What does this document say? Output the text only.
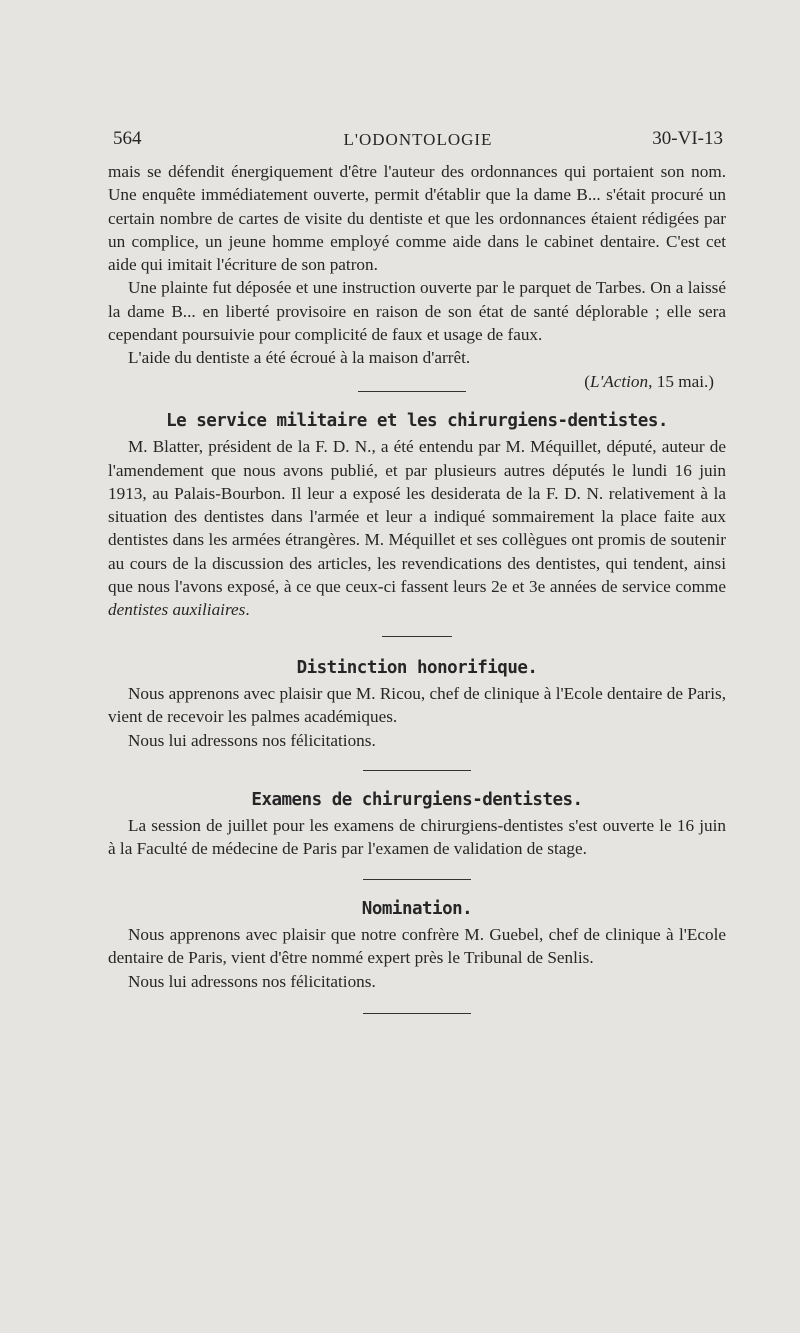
564	L'ODONTOLOGIE	30-VI-13

mais se défendit énergiquement d'être l'auteur des ordonnances qui portaient son nom. Une enquête immédiatement ouverte, permit d'établir que la dame B... s'était procuré un certain nombre de cartes de visite du dentiste et que les ordonnances étaient rédigées par un complice, un jeune homme employé comme aide dans le cabinet dentaire. C'est cet aide qui imitait l'écriture de son patron.

Une plainte fut déposée et une instruction ouverte par le parquet de Tarbes. On a laissé la dame B... en liberté provisoire en raison de son état de santé déplorable ; elle sera cependant poursuivie pour complicité de faux et usage de faux.

L'aide du dentiste a été écroué à la maison d'arrêt.

(L'Action, 15 mai.)

Le service militaire et les chirurgiens-dentistes.

M. Blatter, président de la F. D. N., a été entendu par M. Méquillet, député, auteur de l'amendement que nous avons publié, et par plusieurs autres députés le lundi 16 juin 1913, au Palais-Bourbon. Il leur a exposé les desiderata de la F. D. N. relativement à la situation des dentistes dans l'armée et leur a indiqué sommairement la place faite aux dentistes dans les armées étrangères. M. Méquillet et ses collègues ont promis de soutenir au cours de la discussion des articles, les revendications des dentistes, qui tendent, ainsi que nous l'avons exposé, à ce que ceux-ci fassent leurs 2e et 3e années de service comme dentistes auxiliaires.

Distinction honorifique.

Nous apprenons avec plaisir que M. Ricou, chef de clinique à l'Ecole dentaire de Paris, vient de recevoir les palmes académiques.

Nous lui adressons nos félicitations.

Examens de chirurgiens-dentistes.

La session de juillet pour les examens de chirurgiens-dentistes s'est ouverte le 16 juin à la Faculté de médecine de Paris par l'examen de validation de stage.

Nomination.

Nous apprenons avec plaisir que notre confrère M. Guebel, chef de clinique à l'Ecole dentaire de Paris, vient d'être nommé expert près le Tribunal de Senlis.

Nous lui adressons nos félicitations.
